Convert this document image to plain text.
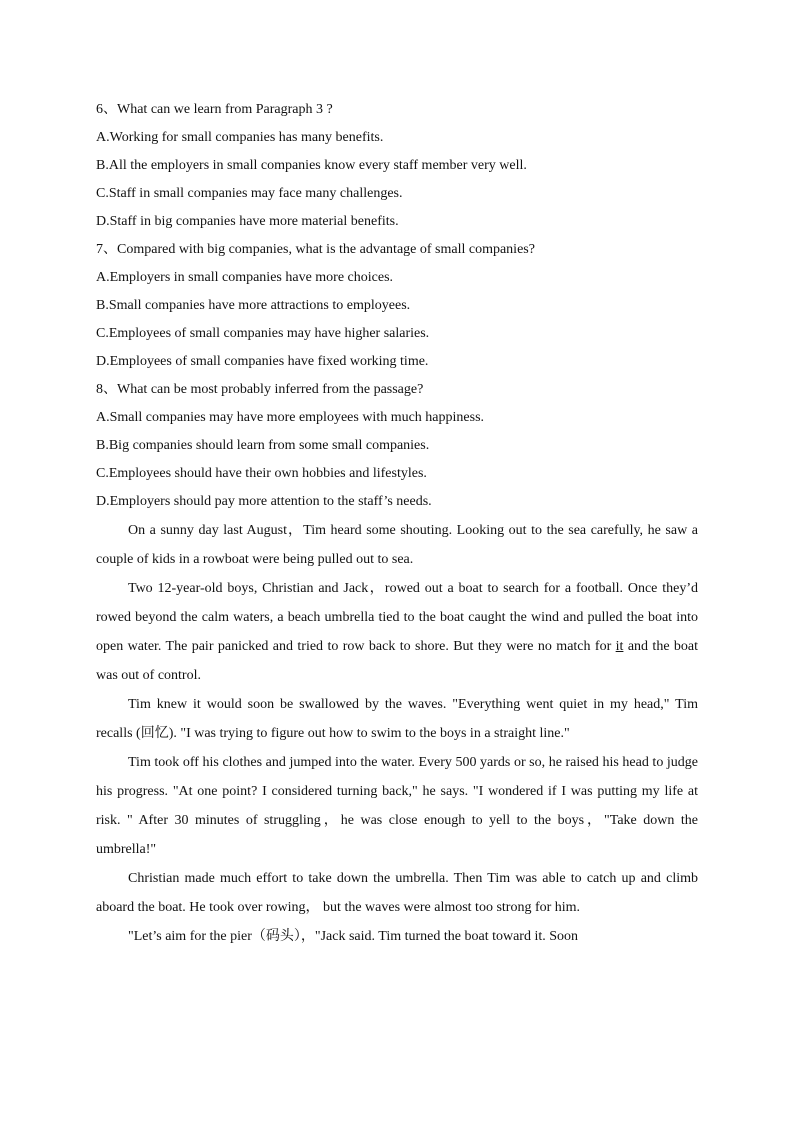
6、What can we learn from Paragraph 3 ?

A.Working for small companies has many benefits.
B.All the employers in small companies know every staff member very well.
C.Staff in small companies may face many challenges.
D.Staff in big companies have more material benefits.

7、Compared with big companies, what is the advantage of small companies?

A.Employers in small companies have more choices.
B.Small companies have more attractions to employees.
C.Employees of small companies may have higher salaries.
D.Employees of small companies have fixed working time.

8、What can be most probably inferred from the passage?

A.Small companies may have more employees with much happiness.
B.Big companies should learn from some small companies.
C.Employees should have their own hobbies and lifestyles.
D.Employers should pay more attention to the staff’s needs.

On a sunny day last August，Tim heard some shouting. Looking out to the sea carefully, he saw a couple of kids in a rowboat were being pulled out to sea.

Two 12-year-old boys, Christian and Jack，rowed out a boat to search for a football. Once they’d rowed beyond the calm waters, a beach umbrella tied to the boat caught the wind and pulled the boat into open water. The pair panicked and tried to row back to shore. But they were no match for it and the boat was out of control.

Tim knew it would soon be swallowed by the waves. "Everything went quiet in my head," Tim recalls (回忆). "I was trying to figure out how to swim to the boys in a straight line."

Tim took off his clothes and jumped into the water. Every 500 yards or so, he raised his head to judge his progress. "At one point? I considered turning back," he says. "I wondered if I was putting my life at risk. " After 30 minutes of struggling，he was close enough to yell to the boys，"Take down the umbrella!"

Christian made much effort to take down the umbrella. Then Tim was able to catch up and climb aboard the boat. He took over rowing， but the waves were almost too strong for him.

"Let’s aim for the pier（码头），"Jack said. Tim turned the boat toward it. Soon
